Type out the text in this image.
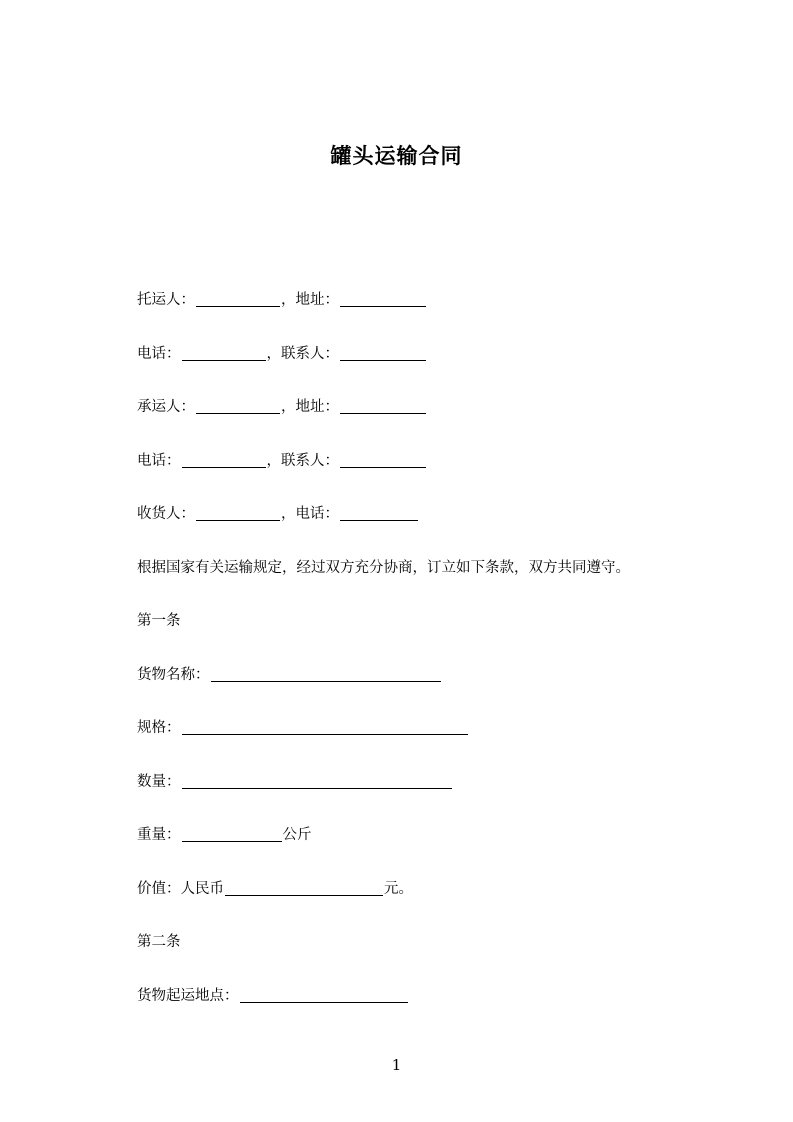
罐头运输合同
托运人：	， 地址：
电话：	， 联系人：
承运人：	， 地址：
电话：	， 联系人：
收货人：	， 电话：
根据国家有关运输规定，经过双方充分协商，订立如下条款，双方共同遵守。
第一条
货物名称：
规格：
数量：
重量：	公斤
价值：人民币	元。
第二条
货物起运地点：
1
